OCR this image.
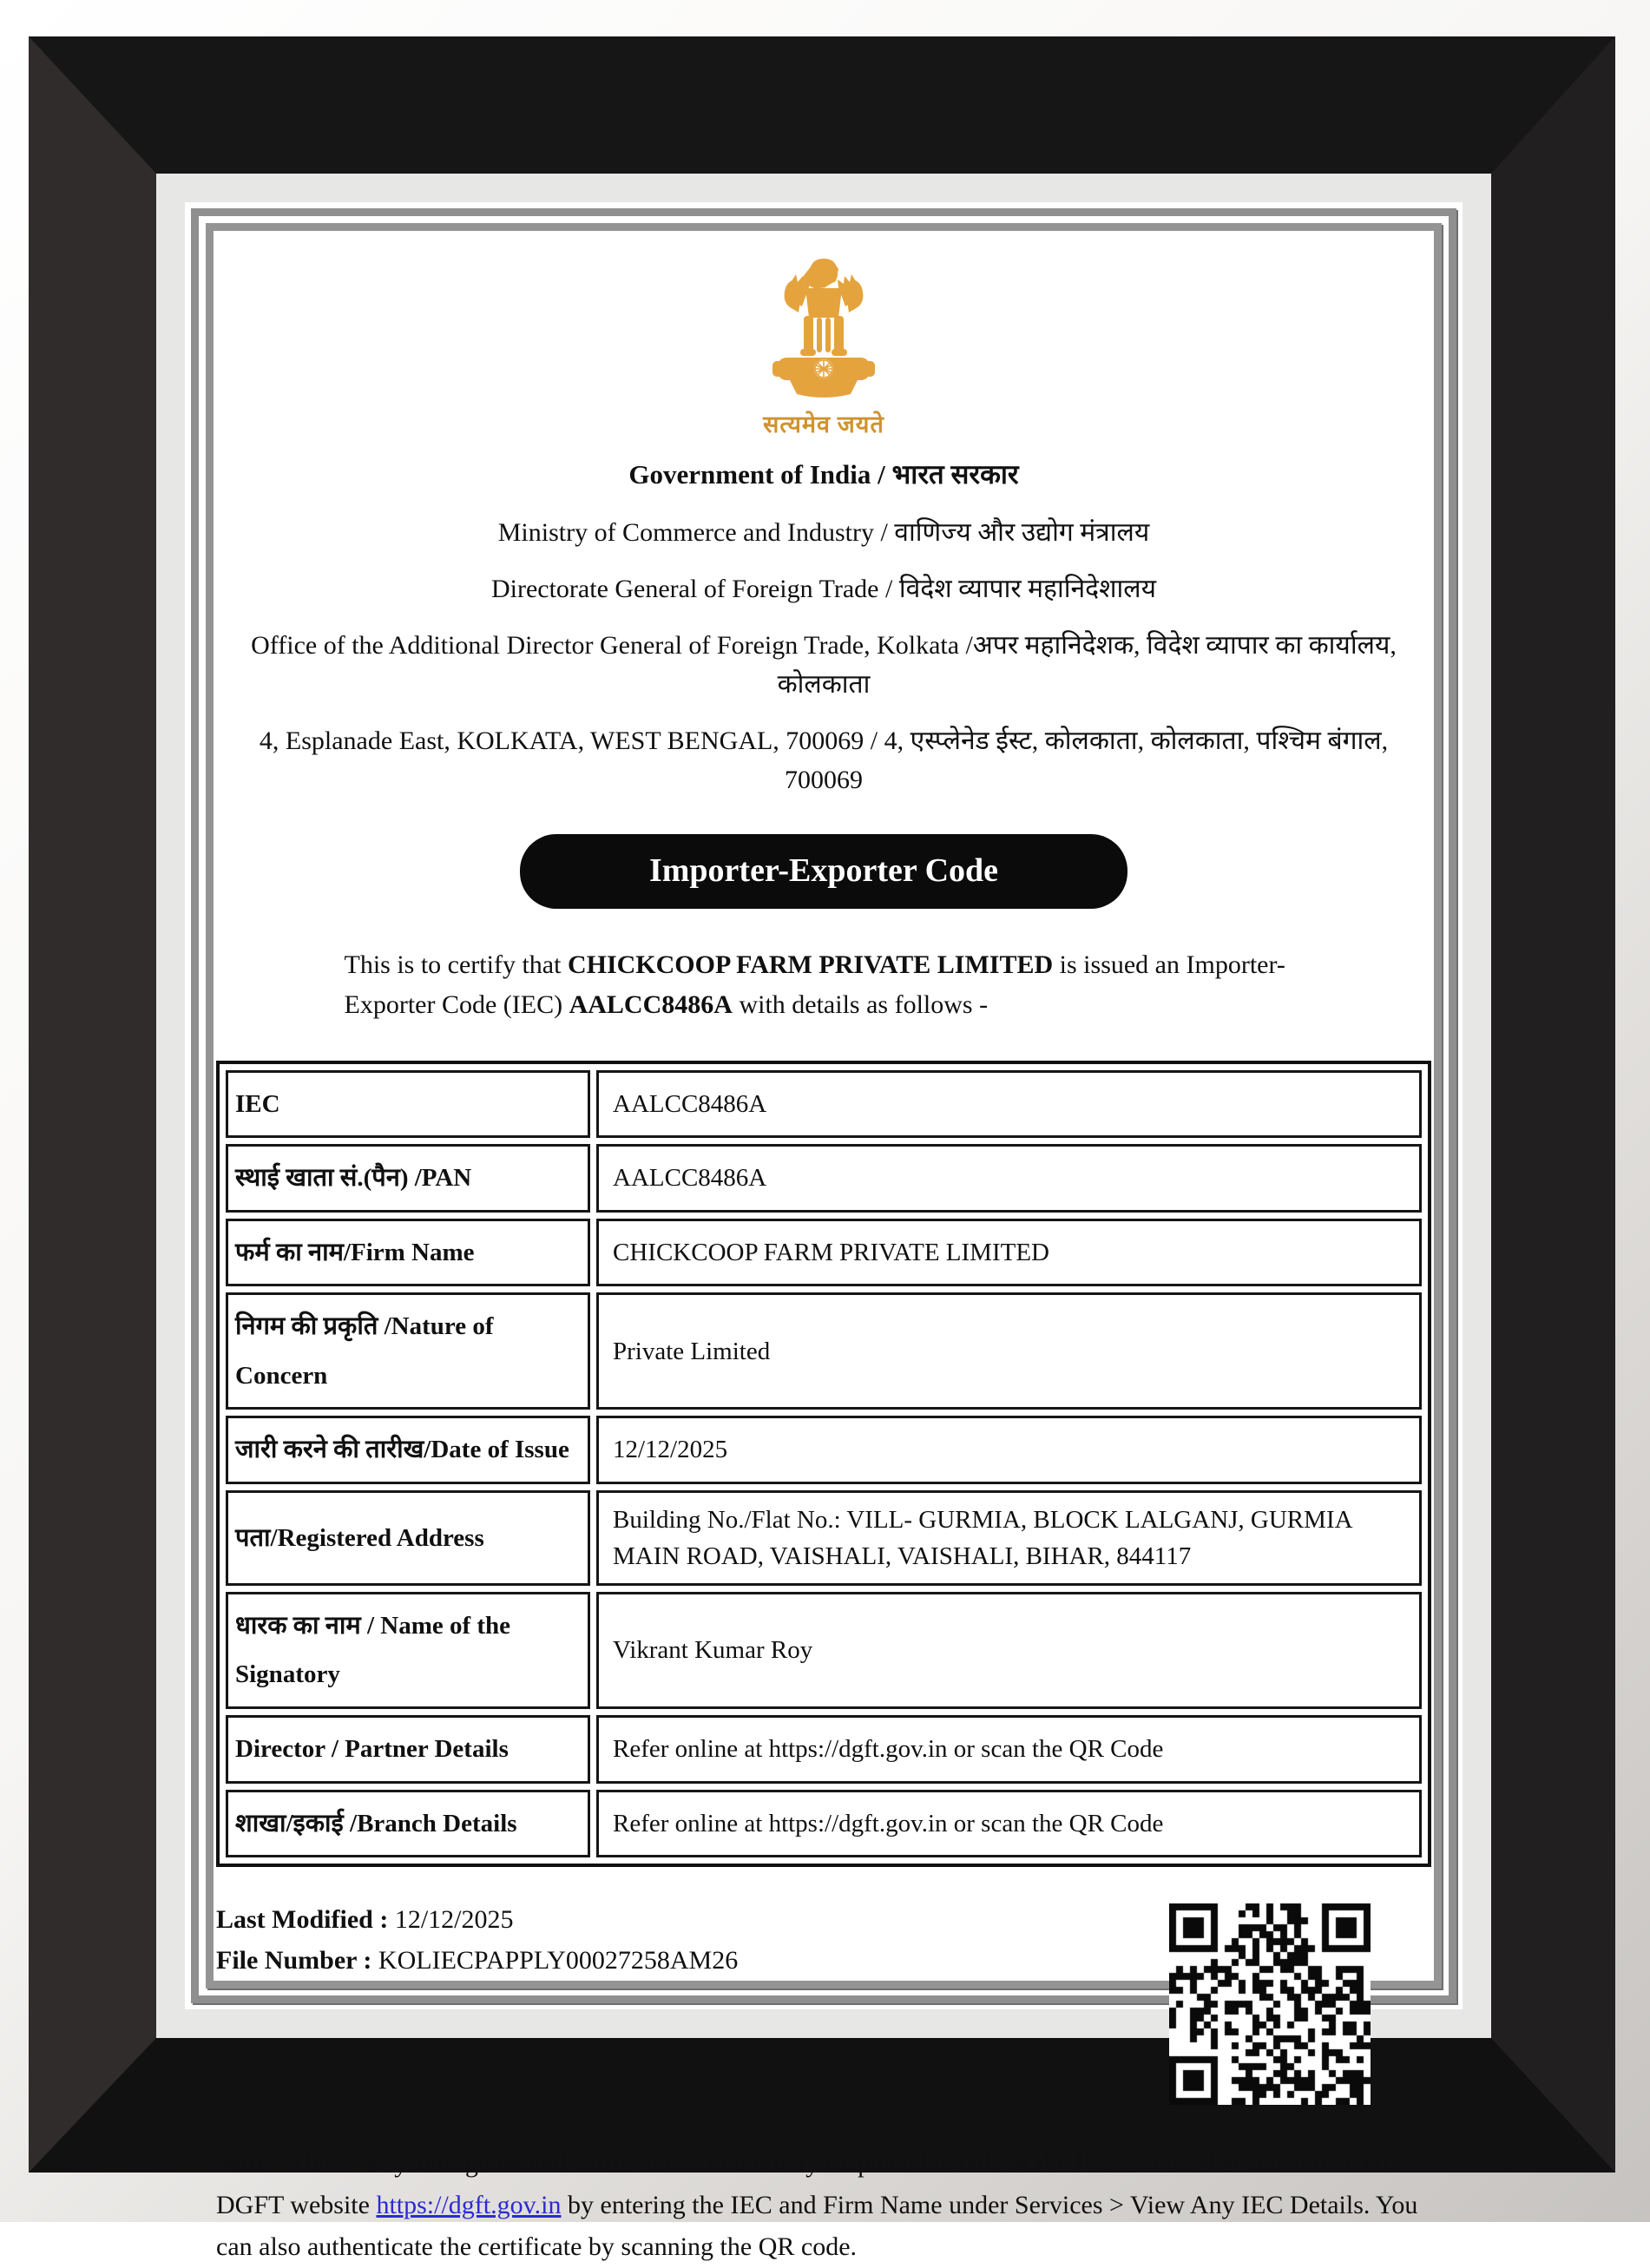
सत्यमेव जयते
Government of India / भारत सरकार
Ministry of Commerce and Industry / वाणिज्य और उद्योग मंत्रालय
Directorate General of Foreign Trade / विदेश व्यापार महानिदेशालय
Office of the Additional Director General of Foreign Trade, Kolkata /अपर महानिदेशक, विदेश व्यापार का कार्यालय, कोलकाता
4, Esplanade East, KOLKATA, WEST BENGAL, 700069 / 4, एस्प्लेनेड ईस्ट, कोलकाता, कोलकाता, पश्चिम बंगाल, 700069
Importer-Exporter Code
This is to certify that CHICKCOOP FARM PRIVATE LIMITED is issued an Importer-Exporter Code (IEC) AALCC8486A with details as follows -
IEC	AALCC8486A
स्थाई खाता सं.(पैन) /PAN	AALCC8486A
फर्म का नाम/Firm Name	CHICKCOOP FARM PRIVATE LIMITED
निगम की प्रकृति /Nature of Concern	Private Limited
जारी करने की तारीख/Date of Issue	12/12/2025
पता/Registered Address	Building No./Flat No.: VILL- GURMIA, BLOCK LALGANJ, GURMIA MAIN ROAD, VAISHALI, VAISHALI, BIHAR, 844117
धारक का नाम / Name of the Signatory	Vikrant Kumar Roy
Director / Partner Details	Refer online at https://dgft.gov.in or scan the QR Code
शाखा/इकाई /Branch Details	Refer online at https://dgft.gov.in or scan the QR Code
Last Modified : 12/12/2025
File Number : KOLIECPAPPLY00027258AM26
Note : This is a system-generated certificate. Authenticity / Updated details of the IEC can be checked at official DGFT website https://dgft.gov.in by entering the IEC and Firm Name under Services > View Any IEC Details. You can also authenticate the certificate by scanning the QR code.
